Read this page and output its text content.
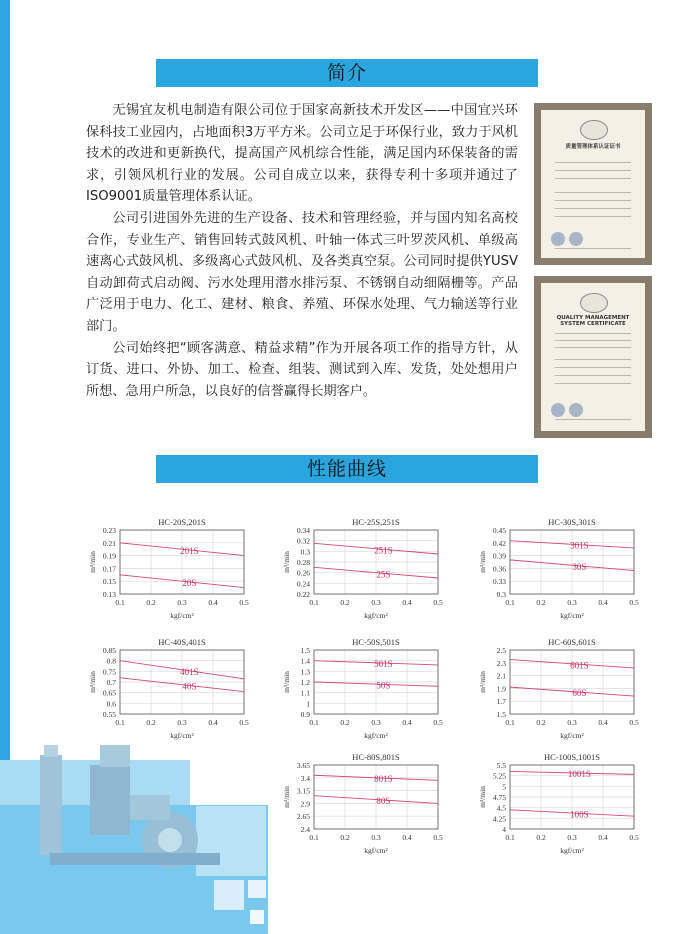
简介
性能曲线

无锡宜友机电制造有限公司位于国家高新技术开发区——中国宜兴环保科技工业园内，占地面积3万平方米。公司立足于环保行业，致力于风机技术的改进和更新换代，提高国产风机综合性能，满足国内环保装备的需求，引领风机行业的发展。公司自成立以来，获得专利十多项并通过了ISO9001质量管理体系认证。

公司引进国外先进的生产设备、技术和管理经验，并与国内知名高校合作，专业生产、销售回转式鼓风机、叶轴一体式三叶罗茨风机、单级高速离心式鼓风机、多级离心式鼓风机、及各类真空泵。公司同时提供YUSV自动卸荷式启动阀、污水处理用潜水排污泵、不锈钢自动细隔栅等。产品广泛用于电力、化工、建材、粮食、养殖、环保水处理、气力输送等行业部门。

公司始终把“顾客满意、精益求精”作为开展各项工作的指导方针，从订货、进口、外协、加工、检查、组装、测试到入库、发货，处处想用户所想、急用户所急，以良好的信誉赢得长期客户。

质量管理体系认证证书
QUALITY MANAGEMENT SYSTEM CERTIFICATE
HC-20S,201S
0.23
0.21
0.19
0.17
0.15
0.13
0.1	0.2	0.3	0.4	0.5
201S
20S
kgf/cm²
m³/min
HC-25S,251S
0.34
0.32
0.3
0.28
0.26
0.24
0.22
0.1	0.2	0.3	0.4	0.5
251S
25S
kgf/cm²
m³/min
HC-30S,301S
0.45
0.42
0.39
0.36
0.33
0.3
0.1	0.2	0.3	0.4	0.5
301S
30S
kgf/cm²
m³/min
HC-40S,401S
0.85
0.8
0.75
0.7
0.65
0.6
0.55
0.1	0.2	0.3	0.4	0.5
401S
40S
kgf/cm²
m³/min
HC-50S,501S
1.5
1.4
1.3
1.2
1.1
1
0.9
0.1	0.2	0.3	0.4	0.5
501S
50S
kgf/cm²
m³/min
HC-60S,601S
2.5
2.3
2.1
1.9
1.7
1.5
0.1	0.2	0.3	0.4	0.5
601S
60S
kgf/cm²
m³/min
HC-80S,801S
3.65
3.4
3.15
2.9
2.65
2.4
0.1	0.2	0.3	0.4	0.5
801S
80S
kgf/cm²
m³/min
HC-100S,1001S
5.5
5.25
5
4.75
4.5
4.25
4
0.1	0.2	0.3	0.4	0.5
1001S
100S
kgf/cm²
m³/min
